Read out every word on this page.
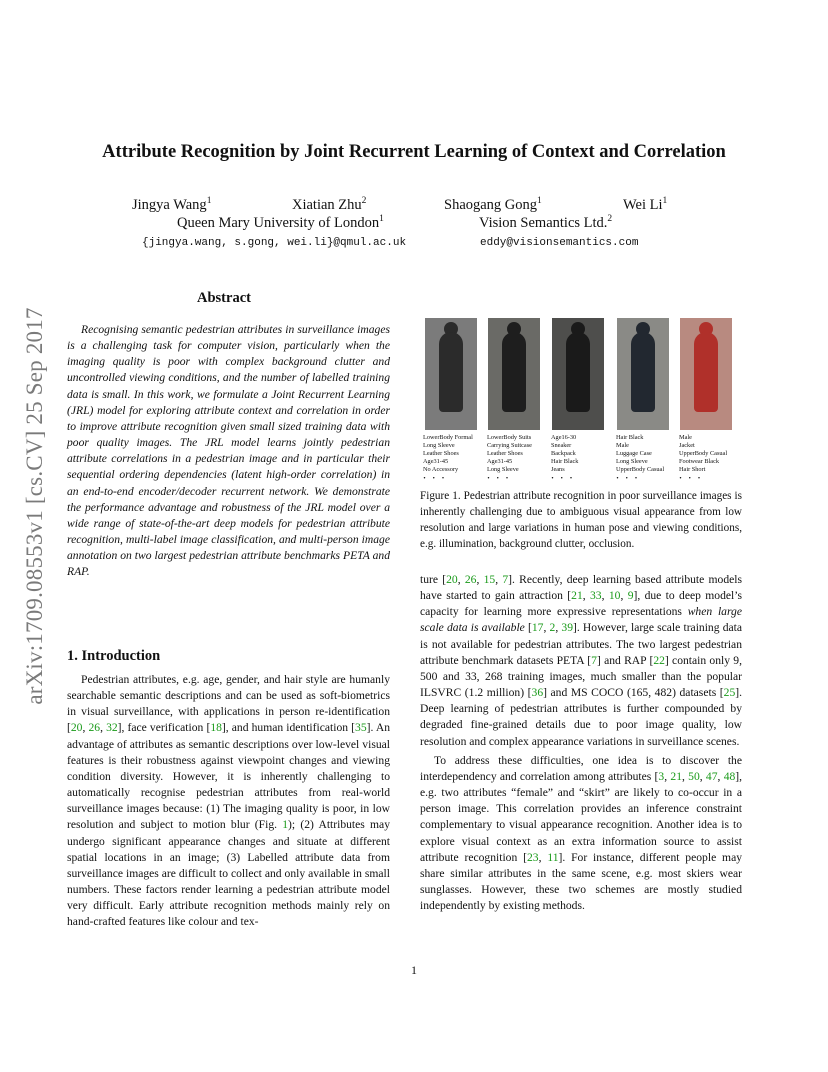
arXiv:1709.08553v1 [cs.CV] 25 Sep 2017
Attribute Recognition by Joint Recurrent Learning of Context and Correlation
Jingya Wang$^1$	Xiatian Zhu$^2$	Shaogang Gong$^1$	Wei Li$^1$
Queen Mary University of London$^1$	Vision Semantics Ltd.$^2$
{jingya.wang, s.gong, wei.li}@qmul.ac.uk	eddy@visionsemantics.com
Abstract

Recognising semantic pedestrian attributes in surveillance images is a challenging task for computer vision, particularly when the imaging quality is poor with complex background clutter and uncontrolled viewing conditions, and the number of labelled training data is small. In this work, we formulate a Joint Recurrent Learning (JRL) model for exploring attribute context and correlation in order to improve attribute recognition given small sized training data with poor quality images. The JRL model learns jointly pedestrian attribute correlations in a pedestrian image and in particular their sequential ordering dependencies (latent high-order correlation) in an end-to-end encoder/decoder recurrent network. We demonstrate the performance advantage and robustness of the JRL model over a wide range of state-of-the-art deep models for pedestrian attribute recognition, multi-label image classification, and multi-person image annotation on two largest pedestrian attribute benchmarks PETA and RAP.

1. Introduction

Pedestrian attributes, e.g. age, gender, and hair style are humanly searchable semantic descriptions and can be used as soft-biometrics in visual surveillance, with applications in person re-identification [20, 26, 32], face verification [18], and human identification [35]. An advantage of attributes as semantic descriptions over low-level visual features is their robustness against viewpoint changes and viewing condition diversity. However, it is inherently challenging to automatically recognise pedestrian attributes from real-world surveillance images because: (1) The imaging quality is poor, in low resolution and subject to motion blur (Fig. 1); (2) Attributes may undergo significant appearance changes and situate at different spatial locations in an image; (3) Labelled attribute data from surveillance images are difficult to collect and only available in small numbers. These factors render learning a pedestrian attribute model very difficult. Early attribute recognition methods mainly rely on hand-crafted features like colour and tex-

LowerBody Formal
Long Sleeve
Leather Shoes
Age31-45
No Accessory
· · ·
LowerBody Suits
Carrying Suitcase
Leather Shoes
Age31-45
Long Sleeve
· · ·
Age16-30
Sneaker
Backpack
Hair Black
Jeans
· · ·
Hair Black
Male
Luggage Case
Long Sleeve
UpperBody Casual
· · ·
Male
Jacket
UpperBody Casual
Footwear Black
Hair Short
· · ·
Figure 1. Pedestrian attribute recognition in poor surveillance images is inherently challenging due to ambiguous visual appearance from low resolution and large variations in human pose and viewing conditions, e.g. illumination, background clutter, occlusion.

ture [20, 26, 15, 7]. Recently, deep learning based attribute models have started to gain attraction [21, 33, 10, 9], due to deep model’s capacity for learning more expressive representations when large scale data is available [17, 2, 39]. However, large scale training data is not available for pedestrian attributes. The two largest pedestrian attribute benchmark datasets PETA [7] and RAP [22] contain only 9, 500 and 33, 268 training images, much smaller than the popular ILSVRC (1.2 million) [36] and MS COCO (165, 482) datasets [25]. Deep learning of pedestrian attributes is further compounded by degraded fine-grained details due to poor image quality, low resolution and complex appearance variations in surveillance scenes.

To address these difficulties, one idea is to discover the interdependency and correlation among attributes [3, 21, 50, 47, 48], e.g. two attributes “female” and “skirt” are likely to co-occur in a person image. This correlation provides an inference constraint complementary to visual appearance recognition. Another idea is to explore visual context as an extra information source to assist attribute recognition [23, 11]. For instance, different people may share similar attributes in the same scene, e.g. most skiers wear sunglasses. However, these two schemes are mostly studied independently by existing methods.

1
